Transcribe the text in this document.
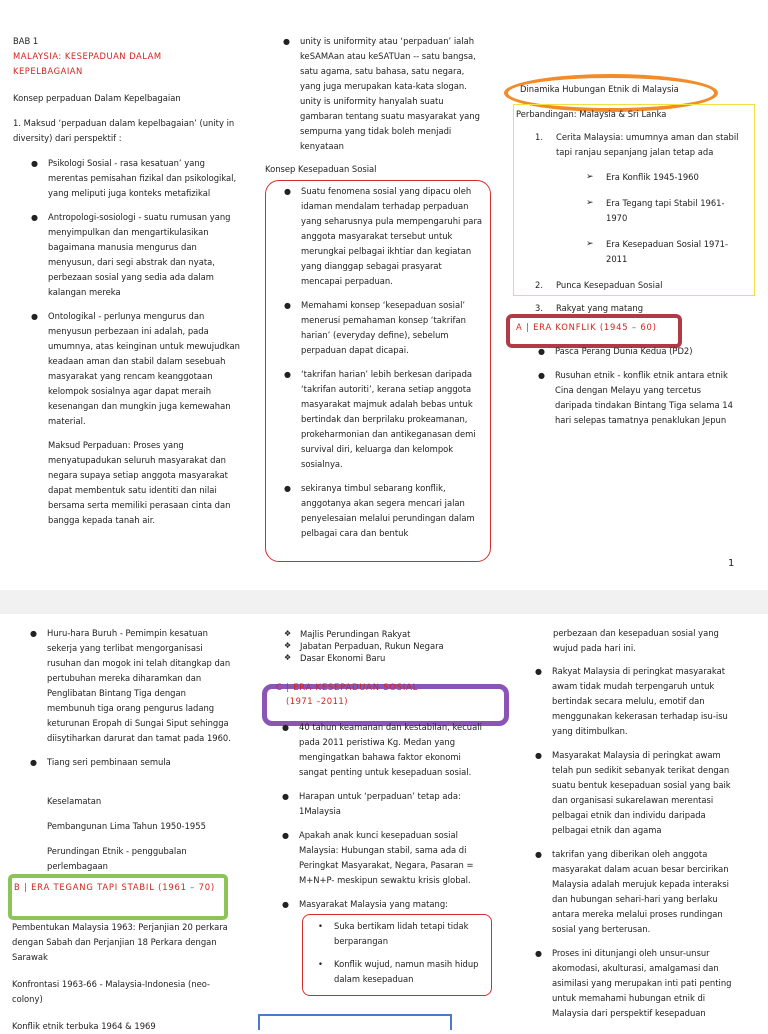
BAB 1

MALAYSIA: KESEPADUAN DALAM KEPELBAGAIAN

Konsep perpaduan Dalam Kepelbagaian

1. Maksud ‘perpaduan dalam kepelbagaian’ (unity in diversity) dari perspektif :

● Psikologi Sosial - rasa kesatuan’ yang merentas pemisahan fizikal dan psikologikal, yang meliputi juga konteks metafizikal
● Antropologi-sosiologi - suatu rumusan yang menyimpulkan dan mengartikulasikan bagaimana manusia mengurus dan menyusun, dari segi abstrak dan nyata, perbezaan sosial yang sedia ada dalam kalangan mereka
● Ontologikal - perlunya mengurus dan menyusun perbezaan ini adalah, pada umumnya, atas keinginan untuk mewujudkan keadaan aman dan stabil dalam sesebuah masyarakat yang rencam keanggotaan kelompok sosialnya agar dapat meraih kesenangan dan mungkin juga kemewahan material.

Maksud Perpaduan: Proses yang menyatupadukan seluruh masyarakat dan negara supaya setiap anggota masyarakat dapat membentuk satu identiti dan nilai bersama serta memiliki perasaan cinta dan bangga kepada tanah air.

● unity is uniformity atau ‘perpaduan’ ialah keSAMAan atau keSATUan -- satu bangsa, satu agama, satu bahasa, satu negara, yang juga merupakan kata-kata slogan. unity is uniformity hanyalah suatu gambaran tentang suatu masyarakat yang sempurna yang tidak boleh menjadi kenyataan

Konsep Kesepaduan Sosial

● Suatu fenomena sosial yang dipacu oleh idaman mendalam terhadap perpaduan yang seharusnya pula mempengaruhi para anggota masyarakat tersebut untuk merungkai pelbagai ikhtiar dan kegiatan yang dianggap sebagai prasyarat mencapai perpaduan.
● Memahami konsep ‘kesepaduan sosial’ menerusi pemahaman konsep ‘takrifan harian’ (everyday define), sebelum perpaduan dapat dicapai.
● ‘takrifan harian’ lebih berkesan daripada ‘takrifan autoriti’, kerana setiap anggota masyarakat majmuk adalah bebas untuk bertindak dan berprilaku prokeamanan, prokeharmonian dan antikeganasan demi survival diri, keluarga dan kelompok sosialnya.
● sekiranya timbul sebarang konflik, anggotanya akan segera mencari jalan penyelesaian melalui perundingan dalam pelbagai cara dan bentuk

Dinamika Hubungan Etnik di Malaysia

Perbandingan: Malaysia & Sri Lanka

1. Cerita Malaysia: umumnya aman dan stabil tapi ranjau sepanjang jalan tetap ada
➢ Era Konflik 1945-1960
➢ Era Tegang tapi Stabil 1961-1970
➢ Era Kesepaduan Sosial 1971- 2011
2. Punca Kesepaduan Sosial
3. Rakyat yang matang

A | ERA KONFLIK (1945 – 60)

● Pasca Perang Dunia Kedua (PD2)
● Rusuhan etnik - konflik etnik antara etnik Cina dengan Melayu yang tercetus daripada tindakan Bintang Tiga selama 14 hari selepas tamatnya penaklukan Jepun

1

● Huru-hara Buruh - Pemimpin kesatuan sekerja yang terlibat mengorganisasi rusuhan dan mogok ini telah ditangkap dan pertubuhan mereka diharamkan dan Penglibatan Bintang Tiga dengan membunuh tiga orang pengurus ladang keturunan Eropah di Sungai Siput sehingga diisytiharkan darurat dan tamat pada 1960.
● Tiang seri pembinaan semula

Keselamatan

Pembangunan Lima Tahun 1950-1955

Perundingan Etnik - penggubalan perlembagaan

B | ERA TEGANG TAPI STABIL (1961 – 70)

Pembentukan Malaysia 1963: Perjanjian 20 perkara dengan Sabah dan Perjanjian 18 Perkara dengan Sarawak

Konfrontasi 1963-66 - Malaysia-Indonesia (neo-colony)

Konflik etnik terbuka 1964 & 1969

❖ Majlis Perundingan Rakyat
❖ Jabatan Perpaduan, Rukun Negara
❖ Dasar Ekonomi Baru

C | ERA KESEPADUAN SOSIAL

(1971 –2011)

● 40 tahun keamanan dan kestabilan, kecuali pada 2011 peristiwa Kg. Medan yang mengingatkan bahawa faktor ekonomi sangat penting untuk kesepaduan sosial.
● Harapan untuk ‘perpaduan’ tetap ada: 1Malaysia
● Apakah anak kunci kesepaduan sosial Malaysia: Hubungan stabil, sama ada di Peringkat Masyarakat, Negara, Pasaran = M+N+P- meskipun sewaktu krisis global.
● Masyarakat Malaysia yang matang:
• Suka bertikam lidah tetapi tidak berparangan
• Konflik wujud, namun masih hidup dalam kesepaduan

perbezaan dan kesepaduan sosial yang wujud pada hari ini.

● Rakyat Malaysia di peringkat masyarakat awam tidak mudah terpengaruh untuk bertindak secara melulu, emotif dan menggunakan kekerasan terhadap isu-isu yang ditimbulkan.
● Masyarakat Malaysia di peringkat awam telah pun sedikit sebanyak terikat dengan suatu bentuk kesepaduan sosial yang baik dan organisasi sukarelawan merentasi pelbagai etnik dan individu daripada pelbagai etnik dan agama
● takrifan yang diberikan oleh anggota masyarakat dalam acuan besar bercirikan Malaysia adalah merujuk kepada interaksi dan hubungan sehari-hari yang berlaku antara mereka melalui proses rundingan sosial yang berterusan.
● Proses ini ditunjangi oleh unsur-unsur akomodasi, akulturasi, amalgamasi dan asimilasi yang merupakan inti pati penting untuk memahami hubungan etnik di Malaysia dari perspektif kesepaduan
